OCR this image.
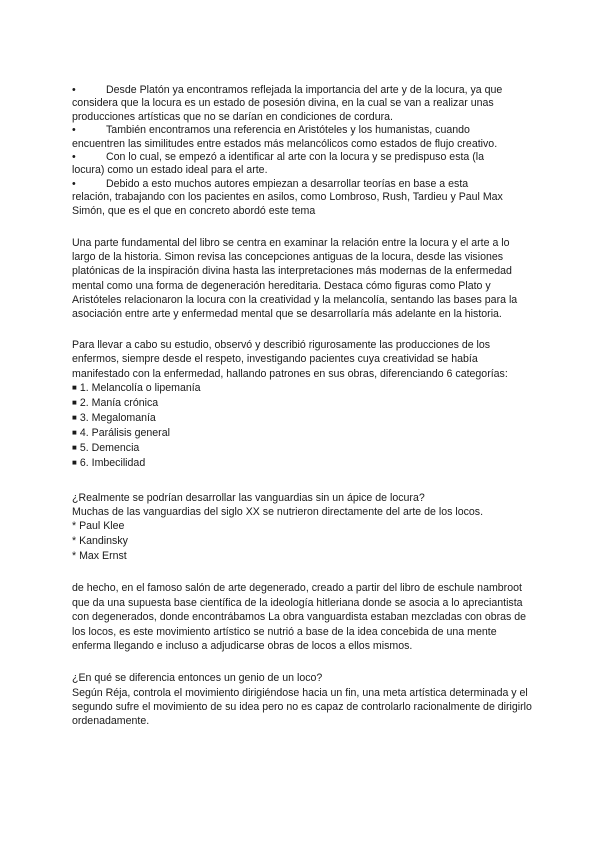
•	Desde Platón ya encontramos reflejada la importancia del arte y de la locura, ya que
considera que la locura es un estado de posesión divina, en la cual se van a realizar unas producciones artísticas que no se darían en condiciones de cordura.
•	También encontramos una referencia en Aristóteles y los humanistas, cuando
encuentren las similitudes entre estados más melancólicos como estados de flujo creativo.
•	Con lo cual, se empezó a identificar al arte con la locura y se predispuso esta (la
locura) como un estado ideal para el arte.
•	Debido a esto muchos autores empiezan a desarrollar teorías en base a esta
relación, trabajando con los pacientes en asilos, como Lombroso, Rush, Tardieu y Paul Max Simón, que es el que en concreto abordó este tema

Una parte fundamental del libro se centra en examinar la relación entre la locura y el arte a lo largo de la historia. Simon revisa las concepciones antiguas de la locura, desde las visiones platónicas de la inspiración divina hasta las interpretaciones más modernas de la enfermedad mental como una forma de degeneración hereditaria. Destaca cómo figuras como Plato y Aristóteles relacionaron la locura con la creatividad y la melancolía, sentando las bases para la asociación entre arte y enfermedad mental que se desarrollaría más adelante en la historia.

Para llevar a cabo su estudio, observó y describió rigurosamente las producciones de los enfermos, siempre desde el respeto, investigando pacientes cuya creatividad se había manifestado con la enfermedad, hallando patrones en sus obras, diferenciando 6 categorías:

■ 1. Melancolía o lipemanía
■ 2. Manía crónica
■ 3. Megalomanía
■ 4. Parálisis general
■ 5. Demencia
■ 6. Imbecilidad

¿Realmente se podrían desarrollar las vanguardias sin un ápice de locura?

Muchas de las vanguardias del siglo XX se nutrieron directamente del arte de los locos.

* Paul Klee
* Kandinsky
* Max Ernst

de hecho, en el famoso salón de arte degenerado, creado a partir del libro de eschule nambroot que da una supuesta base científica de la ideología hitleriana donde se asocia a lo apreciantista con degenerados, donde encontrábamos La obra vanguardista estaban mezcladas con obras de los locos, es este movimiento artístico se nutrió a base de la idea concebida de una mente enferma llegando e incluso a adjudicarse obras de locos a ellos mismos.

¿En qué se diferencia entonces un genio de un loco?

Según Réja, controla el movimiento dirigiéndose hacia un fin, una meta artística determinada y el segundo sufre el movimiento de su idea pero no es capaz de controlarlo racionalmente de dirigirlo ordenadamente.
